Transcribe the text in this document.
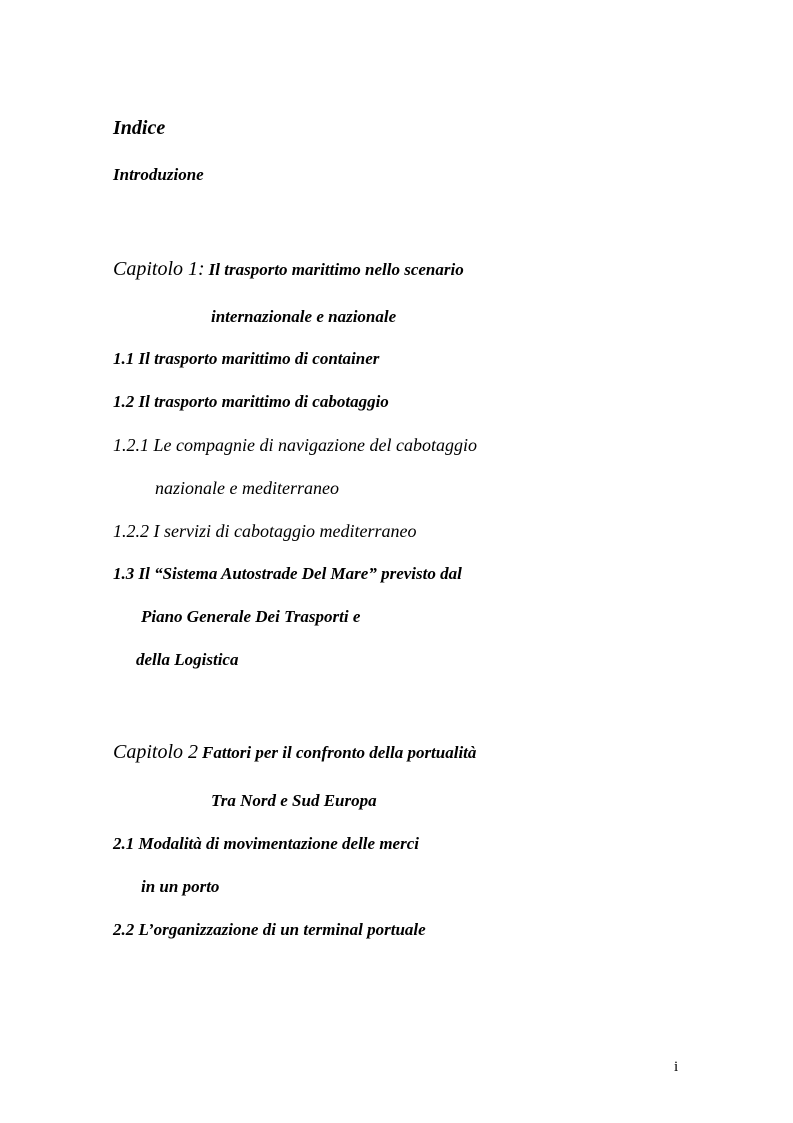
Indice
Introduzione
Capitolo 1: Il trasporto marittimo nello scenario
internazionale e nazionale
1.1 Il trasporto marittimo di container
1.2 Il trasporto marittimo di cabotaggio
1.2.1 Le compagnie di navigazione del cabotaggio
nazionale e mediterraneo
1.2.2 I servizi di cabotaggio mediterraneo
1.3 Il “Sistema Autostrade Del Mare” previsto dal
Piano Generale Dei Trasporti e
della Logistica
Capitolo 2 Fattori per il confronto della portualità
Tra Nord e Sud Europa
2.1 Modalità di movimentazione delle merci
in un porto
2.2 L’organizzazione di un terminal portuale
i
